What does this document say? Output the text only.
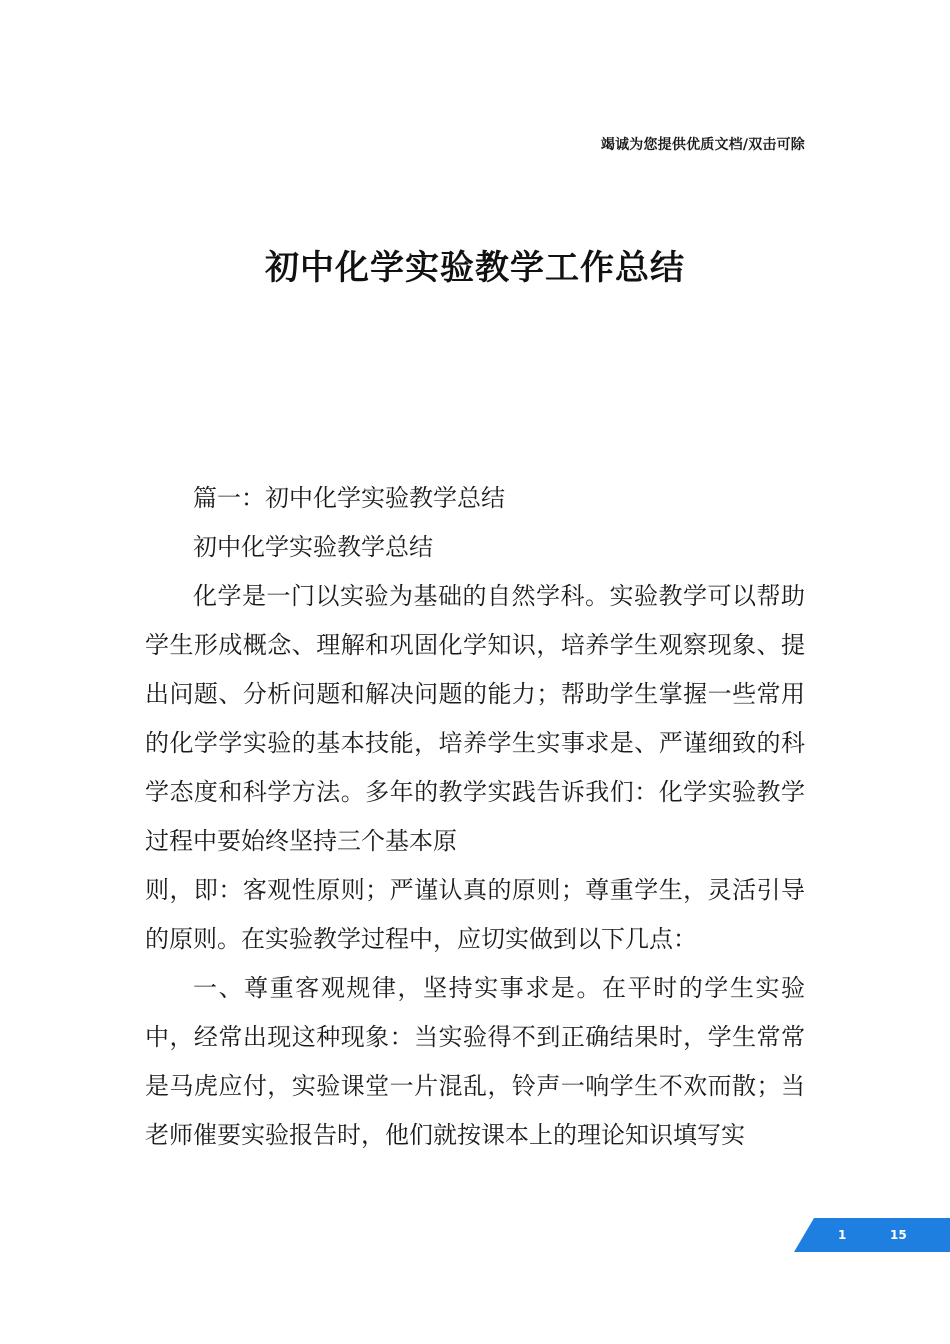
竭诚为您提供优质文档/双击可除
初中化学实验教学工作总结

篇一：初中化学实验教学总结

初中化学实验教学总结

化学是一门以实验为基础的自然学科。实验教学可以帮助学生形成概念、理解和巩固化学知识，培养学生观察现象、提出问题、分析问题和解决问题的能力；帮助学生掌握一些常用的化学学实验的基本技能，培养学生实事求是、严谨细致的科学态度和科学方法。多年的教学实践告诉我们：化学实验教学过程中要始终坚持三个基本原

则，即：客观性原则；严谨认真的原则；尊重学生，灵活引导的原则。在实验教学过程中，应切实做到以下几点：

一、尊重客观规律，坚持实事求是。在平时的学生实验中，经常出现这种现象：当实验得不到正确结果时，学生常常是马虎应付，实验课堂一片混乱，铃声一响学生不欢而散；当老师催要实验报告时，他们就按课本上的理论知识填写实

1	15
